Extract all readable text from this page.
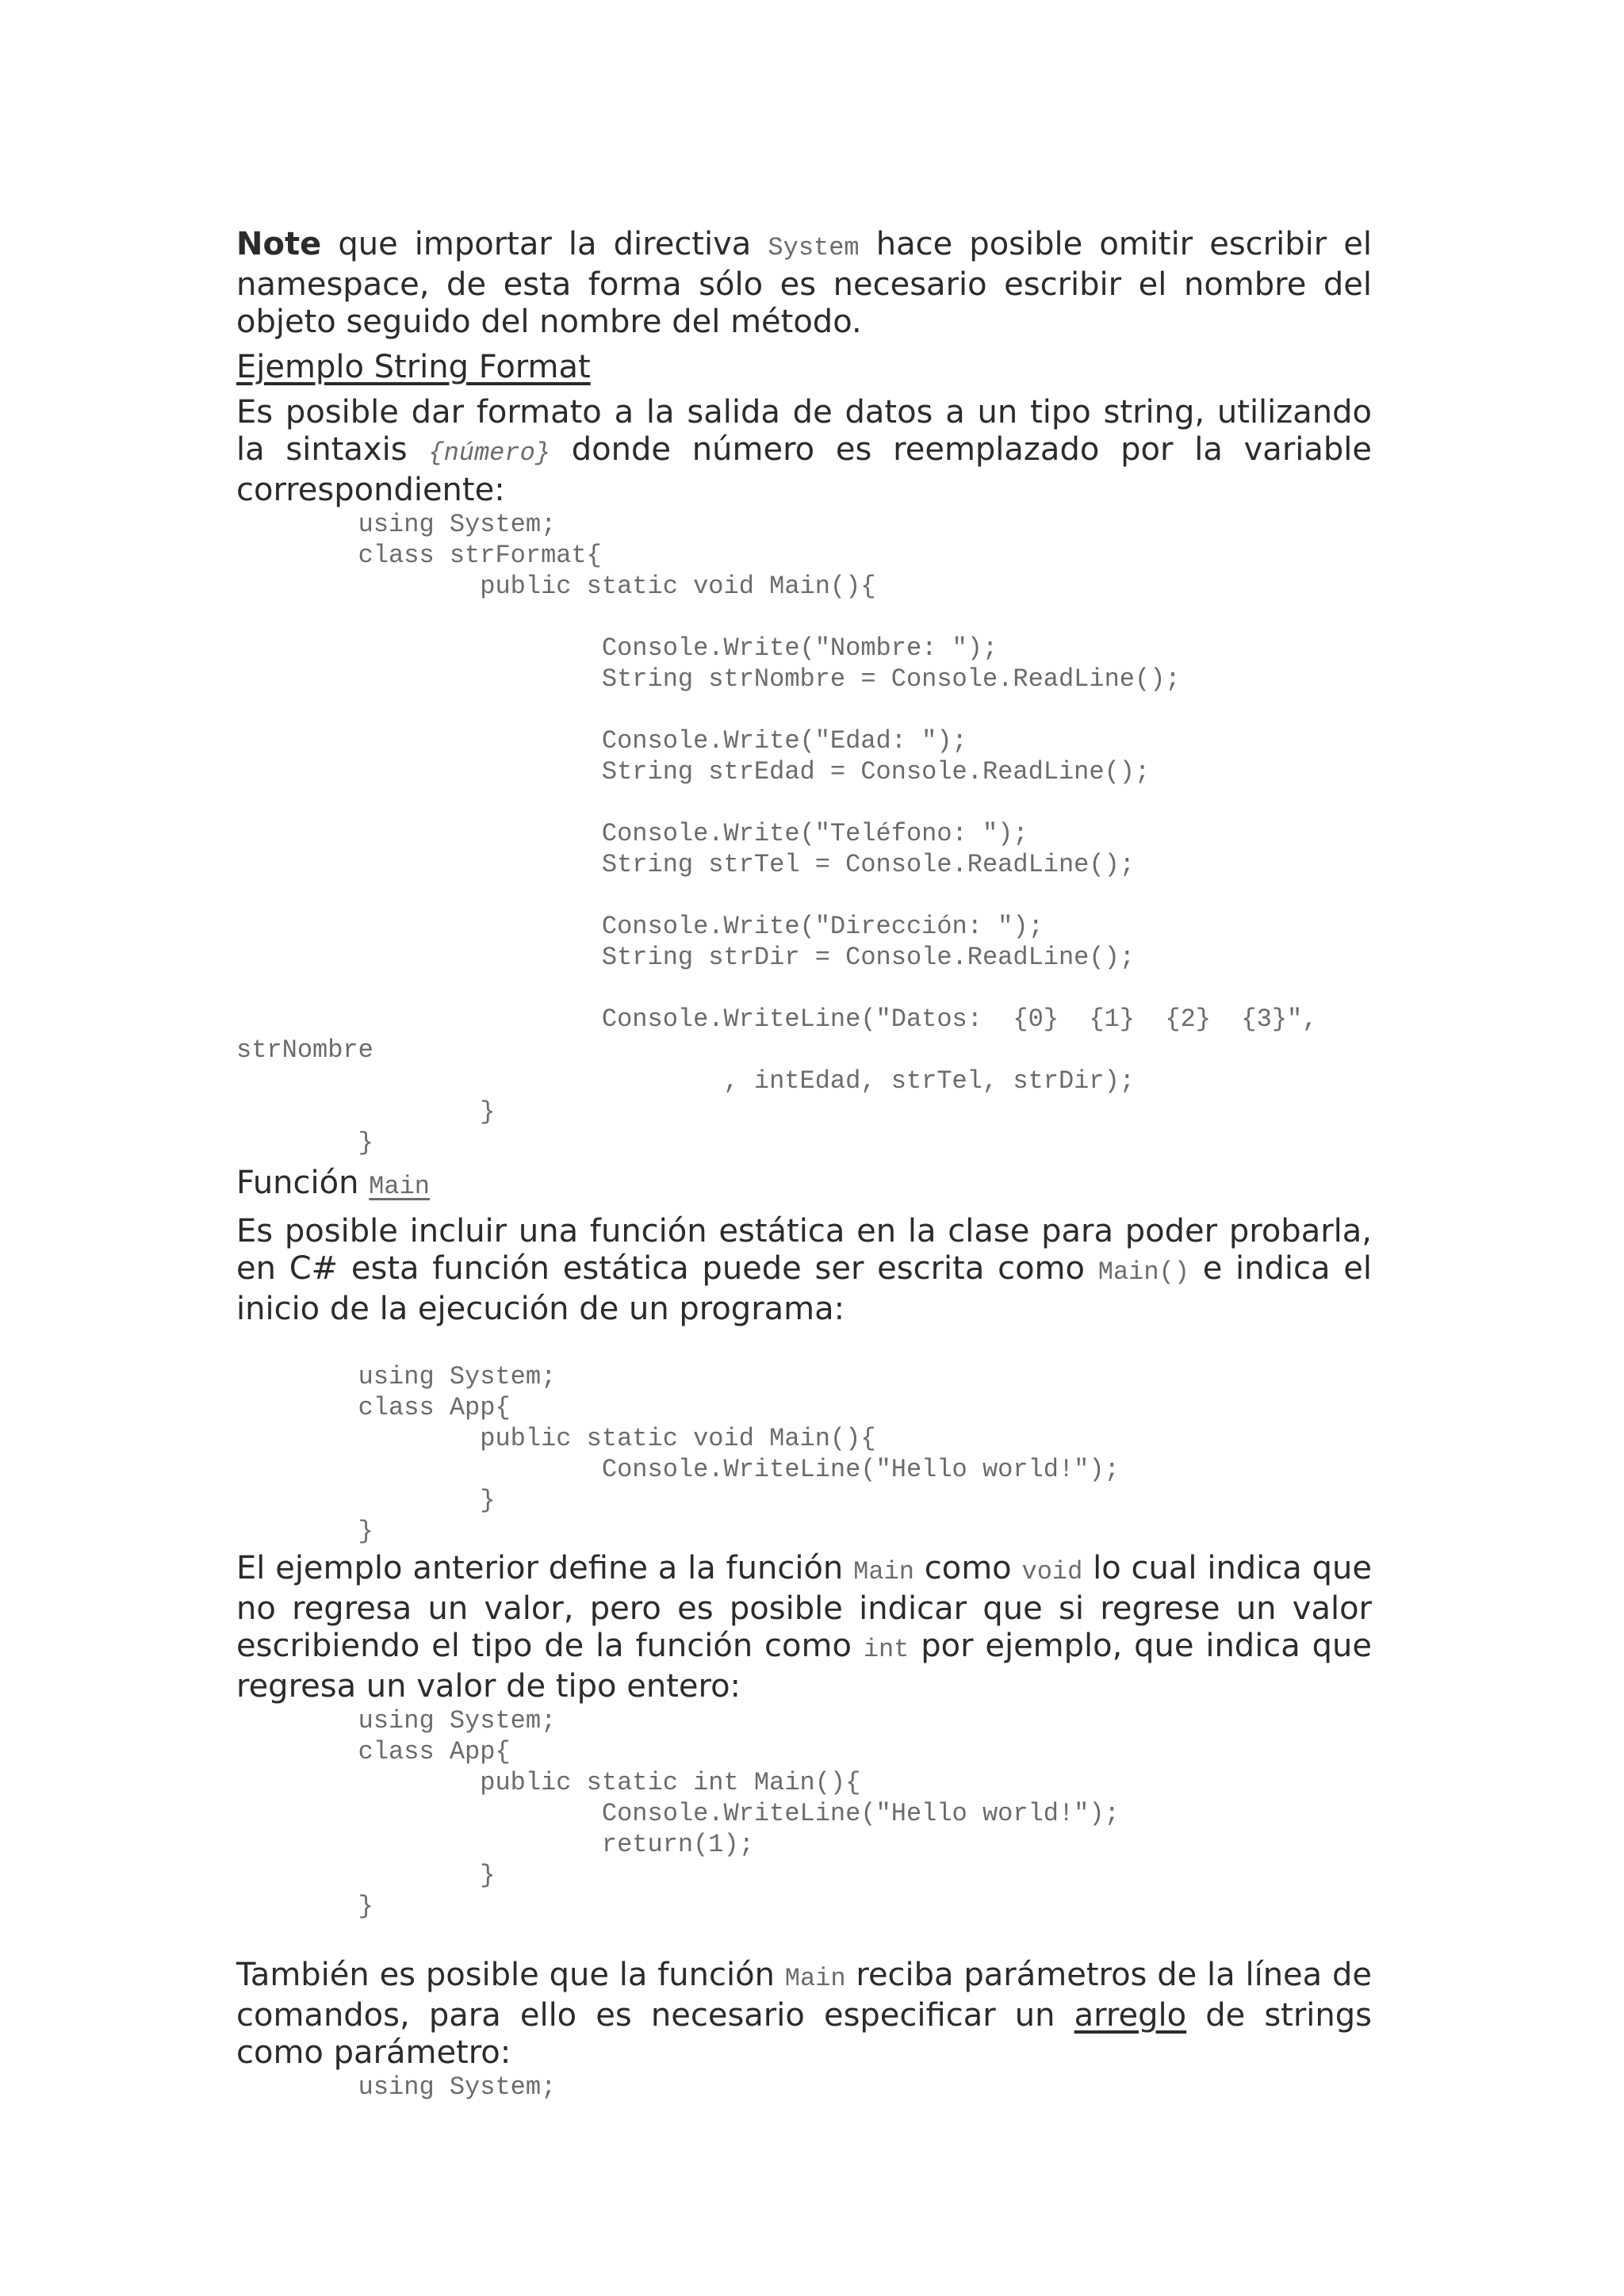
Note que importar la directiva System hace posible omitir escribir el namespace, de esta forma sólo es necesario escribir el nombre del objeto seguido del nombre del método.

Ejemplo String Format

Es posible dar formato a la salida de datos a un tipo string, utilizando la sintaxis {número} donde número es reemplazado por la variable correspondiente:

using System;
class strFormat{
public static void Main(){
Console.Write("Nombre: ");
String strNombre = Console.ReadLine();
Console.Write("Edad: ");
String strEdad = Console.ReadLine();
Console.Write("Teléfono: ");
String strTel = Console.ReadLine();
Console.Write("Dirección: ");
String strDir = Console.ReadLine();
Console.WriteLine("Datos:  {0}  {1}  {2}  {3}",
strNombre
, intEdad, strTel, strDir);
}
}

Función Main

Es posible incluir una función estática en la clase para poder probarla, en C# esta función estática puede ser escrita como Main() e indica el inicio de la ejecución de un programa:

using System;
class App{
public static void Main(){
Console.WriteLine("Hello world!");
}
}

El ejemplo anterior define a la función Main como void lo cual indica que no regresa un valor, pero es posible indicar que si regrese un valor escribiendo el tipo de la función como int por ejemplo, que indica que regresa un valor de tipo entero:

using System;
class App{
public static int Main(){
Console.WriteLine("Hello world!");
return(1);
}
}

También es posible que la función Main reciba parámetros de la línea de comandos, para ello es necesario especificar un arreglo de strings como parámetro:

using System;
